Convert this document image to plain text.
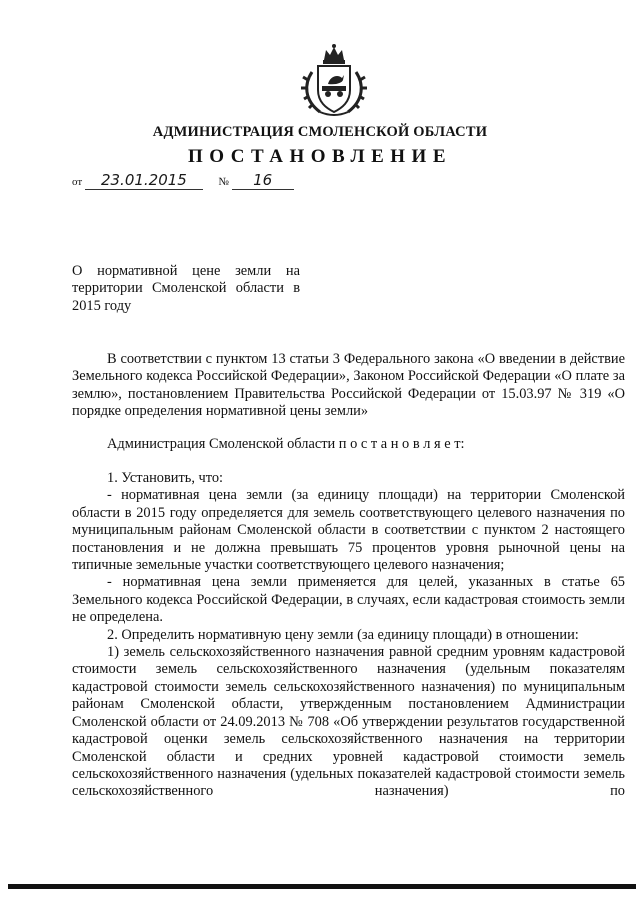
АДМИНИСТРАЦИЯ СМОЛЕНСКОЙ ОБЛАСТИ
ПОСТАНОВЛЕНИЕ
от 23.01.2015	№ 16
О нормативной цене земли на территории Смоленской области в 2015 году
В соответствии с пунктом 13 статьи 3 Федерального закона «О введении в действие Земельного кодекса Российской Федерации», Законом Российской Федерации «О плате за землю», постановлением Правительства Российской Федерации от 15.03.97 № 319 «О порядке определения нормативной цены земли»
Администрация Смоленской области п о с т а н о в л я е т:

1. Установить, что:

- нормативная цена земли (за единицу площади) на территории Смоленской области в 2015 году определяется для земель соответствующего целевого назначения по муниципальным районам Смоленской области в соответствии с пунктом 2 настоящего постановления и не должна превышать 75 процентов уровня рыночной цены на типичные земельные участки соответствующего целевого назначения;

- нормативная цена земли применяется для целей, указанных в статье 65 Земельного кодекса Российской Федерации, в случаях, если кадастровая стоимость земли не определена.

2. Определить нормативную цену земли (за единицу площади) в отношении:

1) земель сельскохозяйственного назначения равной средним уровням кадастровой стоимости земель сельскохозяйственного назначения (удельным показателям кадастровой стоимости земель сельскохозяйственного назначения) по муниципальным районам Смоленской области, утвержденным постановлением Администрации Смоленской области от 24.09.2013 № 708 «Об утверждении результатов государственной кадастровой оценки земель сельскохозяйственного назначения на территории Смоленской области и средних уровней кадастровой стоимости земель сельскохозяйственного назначения (удельных показателей кадастровой стоимости земель сельскохозяйственного назначения) по
